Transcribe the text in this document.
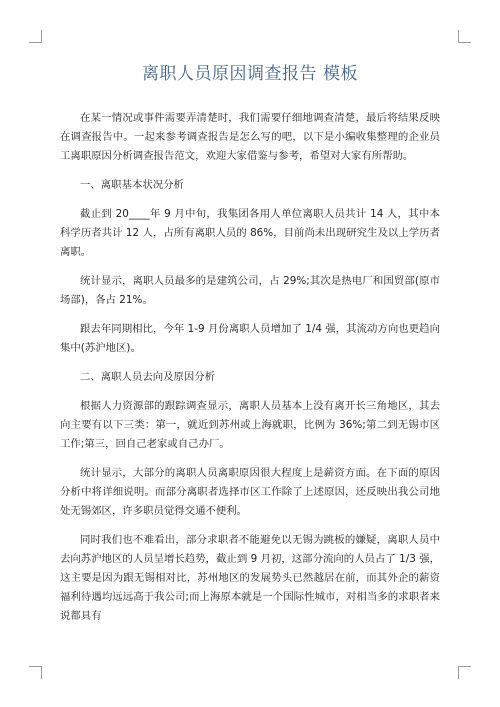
离职人员原因调查报告 模板

在某一情况或事件需要弄清楚时，我们需要仔细地调查清楚，最后将结果反映在调查报告中。一起来参考调查报告是怎么写的吧，以下是小编收集整理的企业员工离职原因分析调查报告范文，欢迎大家借鉴与参考，希望对大家有所帮助。

一、离职基本状况分析

截止到 20____年 9 月中旬，我集团各用人单位离职人员共计 14 人，其中本科学历者共计 12 人，占所有离职人员的 86%，目前尚未出现研究生及以上学历者离职。

统计显示，离职人员最多的是建筑公司，占 29%;其次是热电厂和国贸部(原市场部)，各占 21%。

跟去年同期相比，今年 1-9 月份离职人员增加了 1/4 强，其流动方向也更趋向集中(苏沪地区)。

二、离职人员去向及原因分析

根据人力资源部的跟踪调查显示，离职人员基本上没有离开长三角地区，其去向主要有以下三类：第一，就近到苏州或上海就职，比例为 36%;第二到无锡市区工作;第三，回自己老家或自己办厂。

统计显示，大部分的离职人员离职原因很大程度上是薪资方面。在下面的原因分析中将详细说明。而部分离职者选择市区工作除了上述原因，还反映出我公司地处无锡郊区，许多职员觉得交通不便利。

同时我们也不难看出，部分求职者不能避免以无锡为跳板的嫌疑，离职人员中去向苏沪地区的人员呈增长趋势，截止到 9 月初，这部分流向的人员占了 1/3 强，这主要是因为跟无锡相对比，苏州地区的发展势头已然越居在前，而其外企的薪资福利待遇均远远高于我公司;而上海原本就是一个国际性城市，对相当多的求职者来说都具有
